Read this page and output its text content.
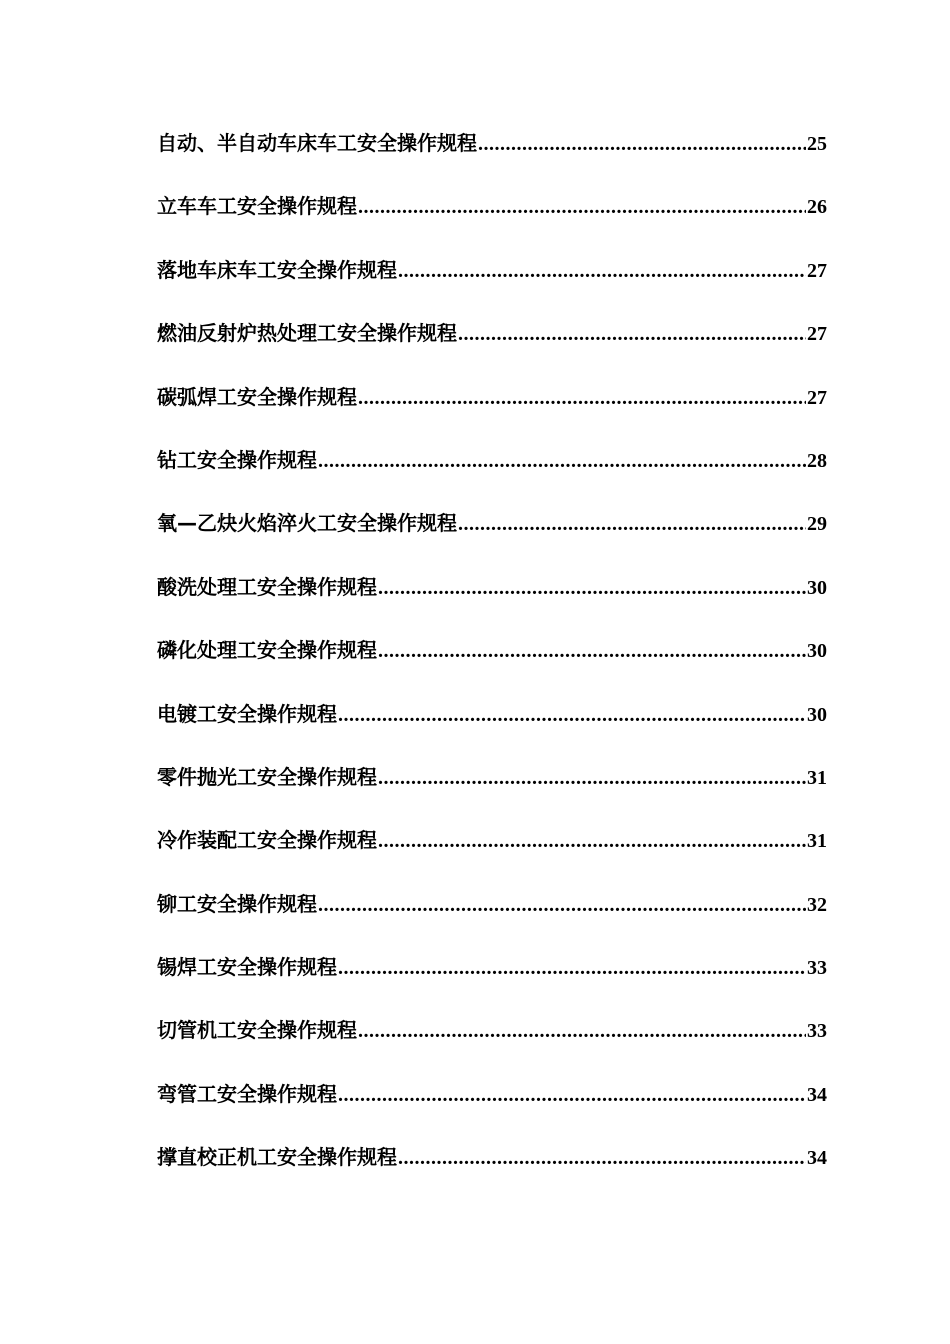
自动、半自动车床车工安全操作规程 .....	25
立车车工安全操作规程 .....	26
落地车床车工安全操作规程 .....	27
燃油反射炉热处理工安全操作规程 .....	27
碳弧焊工安全操作规程 .....	27
钻工安全操作规程 .....	28
氧—乙炔火焰淬火工安全操作规程 .....	29
酸洗处理工安全操作规程 .....	30
磷化处理工安全操作规程 .....	30
电镀工安全操作规程 .....	30
零件抛光工安全操作规程 .....	31
冷作装配工安全操作规程 .....	31
铆工安全操作规程 .....	32
锡焊工安全操作规程 .....	33
切管机工安全操作规程 .....	33
弯管工安全操作规程 .....	34
撑直校正机工安全操作规程 .....	34
